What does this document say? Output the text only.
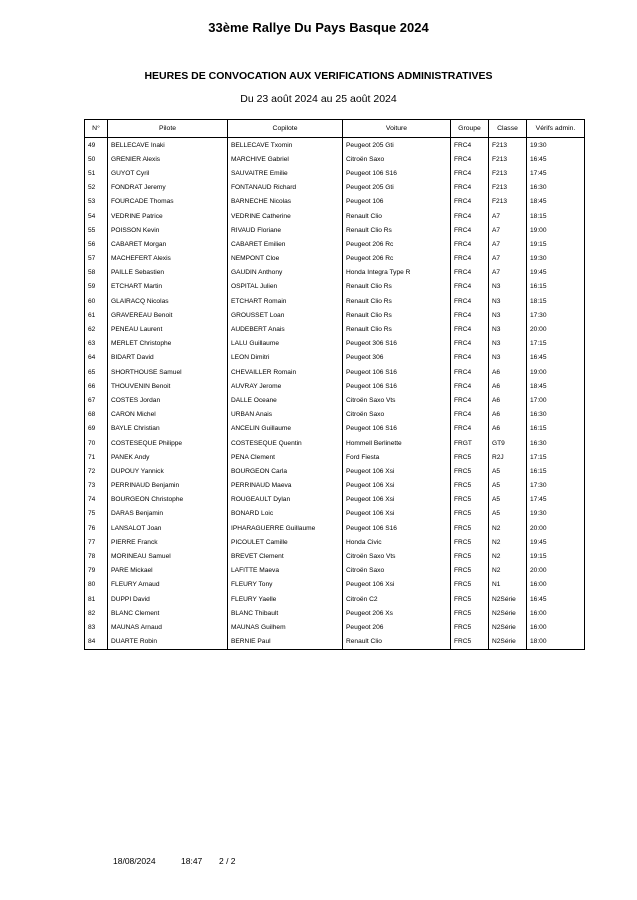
33ème Rallye Du Pays Basque 2024
HEURES DE CONVOCATION AUX VERIFICATIONS ADMINISTRATIVES
Du 23 août 2024 au 25 août 2024
N°	Pilote	Copilote	Voiture	Groupe	Classe	Vérifs admin.
49	BELLECAVE Inaki	BELLECAVE Txomin	Peugeot 205 Gti	FRC4	F213	19:30
50	GRENIER Alexis	MARCHIVE Gabriel	Citroën Saxo	FRC4	F213	16:45
51	GUYOT Cyril	SAUVAITRE Emilie	Peugeot 106 S16	FRC4	F213	17:45
52	FONDRAT Jeremy	FONTANAUD Richard	Peugeot 205 Gti	FRC4	F213	16:30
53	FOURCADE Thomas	BARNECHE Nicolas	Peugeot 106	FRC4	F213	18:45
54	VEDRINE Patrice	VEDRINE Catherine	Renault Clio	FRC4	A7	18:15
55	POISSON Kevin	RIVAUD Floriane	Renault Clio Rs	FRC4	A7	19:00
56	CABARET Morgan	CABARET Emilien	Peugeot 206 Rc	FRC4	A7	19:15
57	MACHEFERT Alexis	NEMPONT Cloe	Peugeot 206 Rc	FRC4	A7	19:30
58	PAILLE Sebastien	GAUDIN Anthony	Honda Integra Type R	FRC4	A7	19:45
59	ETCHART Martin	OSPITAL Julien	Renault Clio Rs	FRC4	N3	16:15
60	GLAIRACQ Nicolas	ETCHART Romain	Renault Clio Rs	FRC4	N3	18:15
61	GRAVEREAU Benoit	GROUSSET Loan	Renault Clio Rs	FRC4	N3	17:30
62	PENEAU Laurent	AUDEBERT Anais	Renault Clio Rs	FRC4	N3	20:00
63	MERLET Christophe	LALU Guillaume	Peugeot 306 S16	FRC4	N3	17:15
64	BIDART David	LEON Dimitri	Peugeot 306	FRC4	N3	16:45
65	SHORTHOUSE Samuel	CHEVAILLER Romain	Peugeot 106 S16	FRC4	A6	19:00
66	THOUVENIN Benoit	AUVRAY Jerome	Peugeot 106 S16	FRC4	A6	18:45
67	COSTES Jordan	DALLE Oceane	Citroën Saxo Vts	FRC4	A6	17:00
68	CARON Michel	URBAN Anais	Citroën Saxo	FRC4	A6	16:30
69	BAYLE Christian	ANCELIN Guillaume	Peugeot 106 S16	FRC4	A6	16:15
70	COSTESEQUE Philippe	COSTESEQUE Quentin	Hommell Berlinette	FRGT	GT9	16:30
71	PANEK Andy	PENA Clement	Ford Fiesta	FRC5	R2J	17:15
72	DUPOUY Yannick	BOURGEON Carla	Peugeot 106 Xsi	FRC5	A5	16:15
73	PERRINAUD Benjamin	PERRINAUD Maeva	Peugeot 106 Xsi	FRC5	A5	17:30
74	BOURGEON Christophe	ROUGEAULT Dylan	Peugeot 106 Xsi	FRC5	A5	17:45
75	DARAS Benjamin	BONARD Loic	Peugeot 106 Xsi	FRC5	A5	19:30
76	LANSALOT Joan	IPHARAGUERRE Guillaume	Peugeot 106 S16	FRC5	N2	20:00
77	PIERRE Franck	PICOULET Camille	Honda Civic	FRC5	N2	19:45
78	MORINEAU Samuel	BREVET Clement	Citroën Saxo Vts	FRC5	N2	19:15
79	PARE Mickael	LAFITTE Maeva	Citroën Saxo	FRC5	N2	20:00
80	FLEURY Arnaud	FLEURY Tony	Peugeot 106 Xsi	FRC5	N1	16:00
81	DUPPI David	FLEURY Yaelle	Citroën C2	FRC5	N2Série	16:45
82	BLANC Clement	BLANC Thibault	Peugeot 206 Xs	FRC5	N2Série	16:00
83	MAUNAS Arnaud	MAUNAS Guilhem	Peugeot 206	FRC5	N2Série	16:00
84	DUARTE Robin	BERNIE Paul	Renault Clio	FRC5	N2Série	18:00
18/08/2024	18:47 2 / 2
